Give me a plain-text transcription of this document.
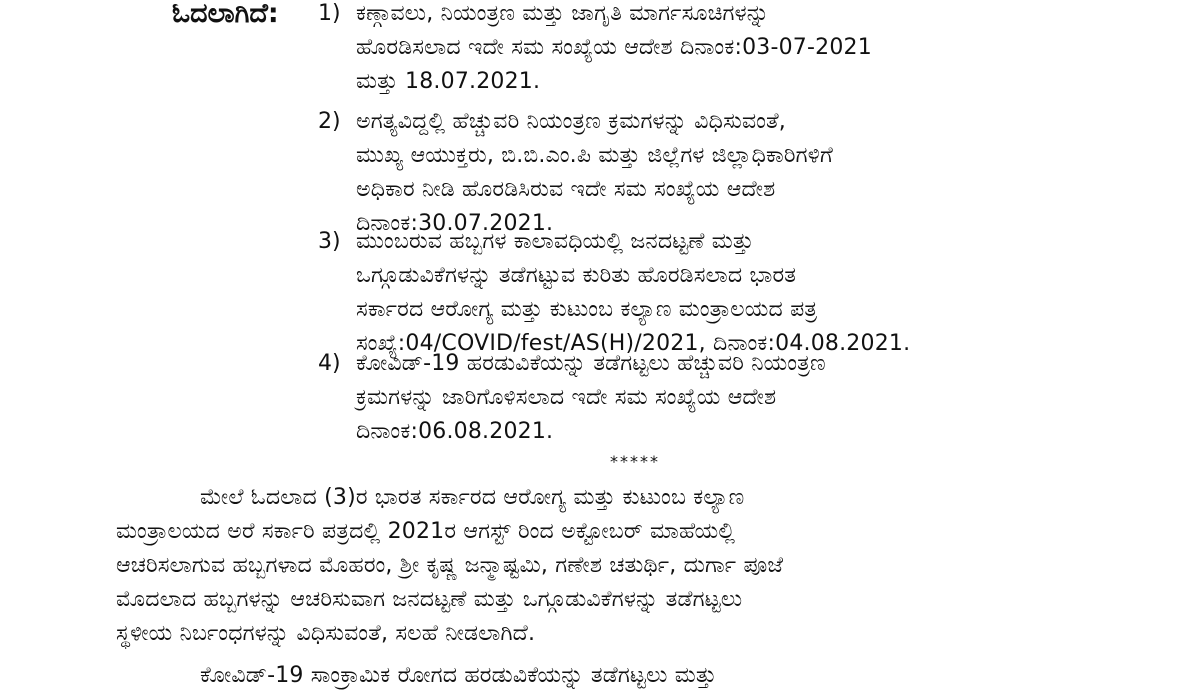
ಓದಲಾಗಿದೆ: 1) ಕಣ್ಗಾವಲು, ನಿಯಂತ್ರಣ ಮತ್ತು ಜಾಗೃತಿ ಮಾರ್ಗಸೂಚಿಗಳನ್ನು
ಹೊರಡಿಸಲಾದ ಇದೇ ಸಮ ಸಂಖ್ಯೆಯ ಆದೇಶ ದಿನಾಂಕ:03-07-2021
ಮತ್ತು 18.07.2021.
2) ಅಗತ್ಯವಿದ್ದಲ್ಲಿ ಹೆಚ್ಚುವರಿ ನಿಯಂತ್ರಣ ಕ್ರಮಗಳನ್ನು ವಿಧಿಸುವಂತೆ,
ಮುಖ್ಯ ಆಯುಕ್ತರು, ಬಿ.ಬಿ.ಎಂ.ಪಿ ಮತ್ತು ಜಿಲ್ಲೆಗಳ ಜಿಲ್ಲಾಧಿಕಾರಿಗಳಿಗೆ
ಅಧಿಕಾರ ನೀಡಿ ಹೊರಡಿಸಿರುವ ಇದೇ ಸಮ ಸಂಖ್ಯೆಯ ಆದೇಶ
ದಿನಾಂಕ:30.07.2021.
3) ಮುಂಬರುವ ಹಬ್ಬಗಳ ಕಾಲಾವಧಿಯಲ್ಲಿ ಜನದಟ್ಟಣೆ ಮತ್ತು
ಒಗ್ಗೂಡುವಿಕೆಗಳನ್ನು ತಡೆಗಟ್ಟುವ ಕುರಿತು ಹೊರಡಿಸಲಾದ ಭಾರತ
ಸರ್ಕಾರದ ಆರೋಗ್ಯ ಮತ್ತು ಕುಟುಂಬ ಕಲ್ಯಾಣ ಮಂತ್ರಾಲಯದ ಪತ್ರ
ಸಂಖ್ಯೆ:04/COVID/fest/AS(H)/2021, ದಿನಾಂಕ:04.08.2021.
4) ಕೋವಿಡ್-19 ಹರಡುವಿಕೆಯನ್ನು ತಡೆಗಟ್ಟಲು ಹೆಚ್ಚುವರಿ ನಿಯಂತ್ರಣ
ಕ್ರಮಗಳನ್ನು ಜಾರಿಗೊಳಿಸಲಾದ ಇದೇ ಸಮ ಸಂಖ್ಯೆಯ ಆದೇಶ
ದಿನಾಂಕ:06.08.2021.
*****
ಮೇಲೆ ಓದಲಾದ (3)ರ ಭಾರತ ಸರ್ಕಾರದ ಆರೋಗ್ಯ ಮತ್ತು ಕುಟುಂಬ ಕಲ್ಯಾಣ
ಮಂತ್ರಾಲಯದ ಅರೆ ಸರ್ಕಾರಿ ಪತ್ರದಲ್ಲಿ 2021ರ ಆಗಸ್ಟ್ ರಿಂದ ಅಕ್ಟೋಬರ್ ಮಾಹೆಯಲ್ಲಿ
ಆಚರಿಸಲಾಗುವ ಹಬ್ಬಗಳಾದ ಮೊಹರಂ, ಶ್ರೀ ಕೃಷ್ಣ ಜನ್ಮಾಷ್ಟಮಿ, ಗಣೇಶ ಚತುರ್ಥಿ, ದುರ್ಗಾ ಪೂಜೆ
ಮೊದಲಾದ ಹಬ್ಬಗಳನ್ನು ಆಚರಿಸುವಾಗ ಜನದಟ್ಟಣೆ ಮತ್ತು ಒಗ್ಗೂಡುವಿಕೆಗಳನ್ನು ತಡೆಗಟ್ಟಲು
ಸ್ಥಳೀಯ ನಿರ್ಬಂಧಗಳನ್ನು ವಿಧಿಸುವಂತೆ, ಸಲಹೆ ನೀಡಲಾಗಿದೆ.
ಕೋವಿಡ್-19 ಸಾಂಕ್ರಾಮಿಕ ರೋಗದ ಹರಡುವಿಕೆಯನ್ನು ತಡೆಗಟ್ಟಲು ಮತ್ತು
